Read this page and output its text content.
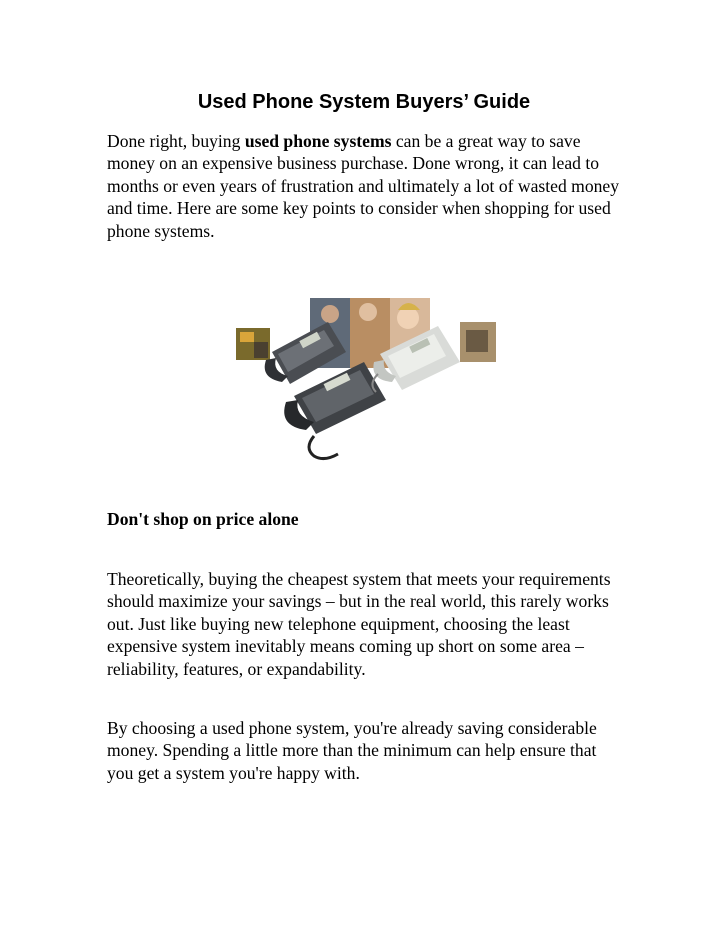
Used Phone System Buyers’ Guide

Done right, buying used phone systems can be a great way to save money on an expensive business purchase. Done wrong, it can lead to months or even years of frustration and ultimately a lot of wasted money and time. Here are some key points to consider when shopping for used phone systems.

Don't shop on price alone

Theoretically, buying the cheapest system that meets your requirements should maximize your savings – but in the real world, this rarely works out. Just like buying new telephone equipment, choosing the least expensive system inevitably means coming up short on some area – reliability, features, or expandability.

By choosing a used phone system, you're already saving considerable money. Spending a little more than the minimum can help ensure that you get a system you're happy with.
